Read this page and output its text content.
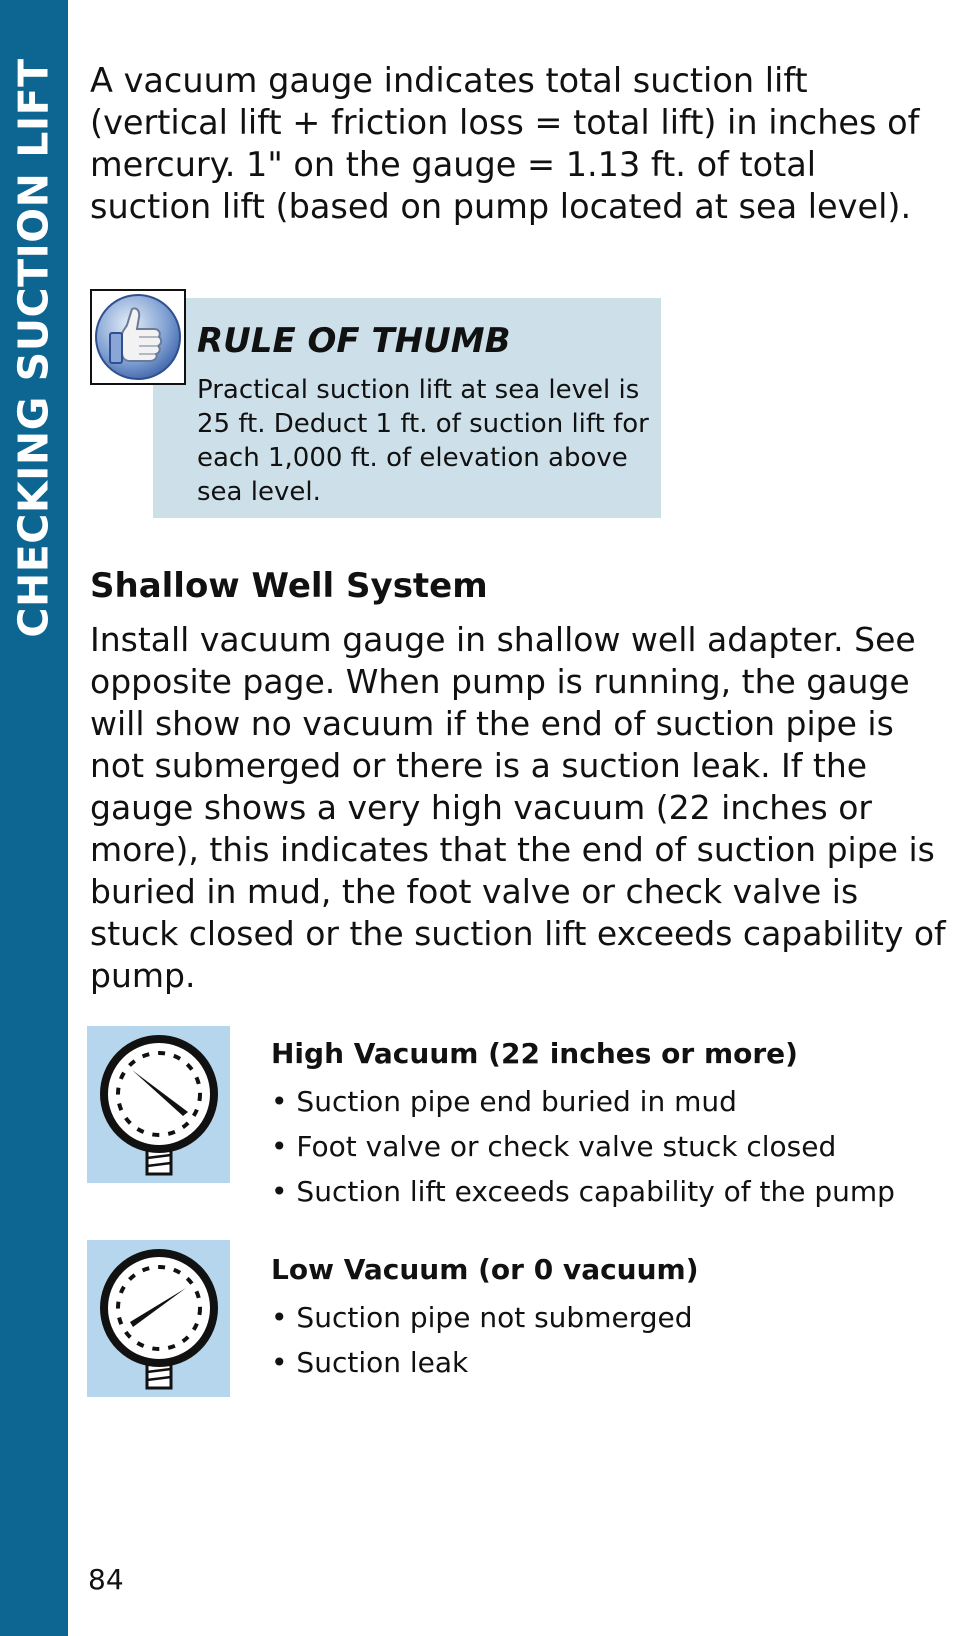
CHECKING SUCTION LIFT A vacuum gauge indicates total suction lift (vertical lift + friction loss = total lift) in inches of mercury. 1" on the gauge = 1.13 ft. of total suction lift (based on pump located at sea level).

RULE OF THUMB

Practical suction lift at sea level is 25 ft. Deduct 1 ft. of suction lift for each 1,000 ft. of elevation above sea level.

Shallow Well System

Install vacuum gauge in shallow well adapter. See opposite page. When pump is running, the gauge will show no vacuum if the end of suction pipe is not submerged or there is a suction leak. If the gauge shows a very high vacuum (22 inches or more), this indicates that the end of suction pipe is buried in mud, the foot valve or check valve is stuck closed or the suction lift exceeds capability of pump.

High Vacuum (22 inches or more)
• Suction pipe end buried in mud
• Foot valve or check valve stuck closed
• Suction lift exceeds capability of the pump
Low Vacuum (or 0 vacuum)
• Suction pipe not submerged
• Suction leak
84
